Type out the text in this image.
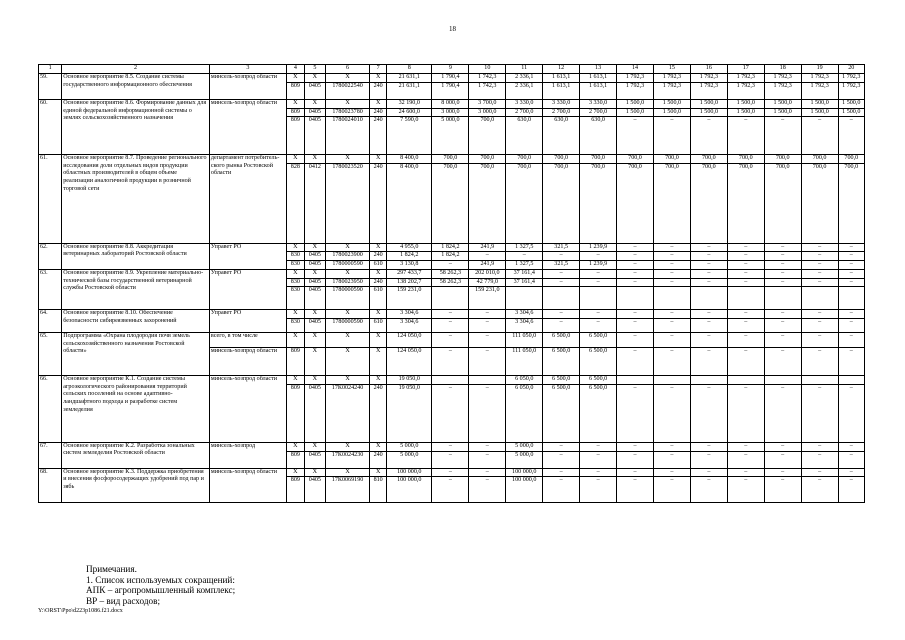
18
1	2	3	4	5	6	7	8	9	10	11	12	13	14	15	16	17	18	19	20
59.	Основное мероприятие 8.5. Создание системы государственного информационного обеспечения	минсель-хозпрод области	X	X	X	X	21 631,1	1 790,4	1 742,3	2 336,1	1 613,1	1 613,1	1 792,3	1 792,3	1 792,3	1 792,3	1 792,3	1 792,3	1 792,3
			809	0405	1780022540	240	21 631,1	1 790,4	1 742,3	2 336,1	1 613,1	1 613,1	1 792,3	1 792,3	1 792,3	1 792,3	1 792,3	1 792,3	1 792,3
60.	Основное мероприятие 8.6. Формирование данных для единой федеральной информационной системы о землях сельскохозяйственного назначения	минсель-хозпрод области	X	X	X	X	32 190,0	8 000,0	3 700,0	3 330,0	3 330,0	3 330,0	1 500,0	1 500,0	1 500,0	1 500,0	1 500,0	1 500,0	1 500,0
			809	0405	1780023780	240	24 600,0	3 000,0	3 000,0	2 700,0	2 700,0	2 700,0	1 500,0	1 500,0	1 500,0	1 500,0	1 500,0	1 500,0	1 500,0
			809	0405	1780024010	240	7 590,0	5 000,0	700,0	630,0	630,0	630,0	–	–	–	–	–	–	–
61.	Основное мероприятие 8.7. Проведение регионального исследования доли отдельных видов продукции областных производителей в общем объеме реализации аналогичной продукции в розничной торговой сети	департамент потребитель-ского рынка Ростовской области	X	X	X	X	8 400,0	700,0	700,0	700,0	700,0	700,0	700,0	700,0	700,0	700,0	700,0	700,0	700,0
			828	0412	1780023520	240	8 400,0	700,0	700,0	700,0	700,0	700,0	700,0	700,0	700,0	700,0	700,0	700,0	700,0
62.	Основное мероприятие 8.8. Аккредитация ветеринарных лабораторий Ростовской области	Управет РО	X	X	X	X	4 955,0	1 824,2	241,9	1 327,5	321,5	1 239,9	–	–	–	–	–	–	–
			830	0405	1780023900	240	1 824,2	1 824,2	–	–	–	–	–	–	–	–	–	–	–
			830	0405	1780000590	610	3 130,8	–	241,9	1 327,5	321,5	1 239,9	–	–	–	–	–	–	–
63.	Основное мероприятие 8.9. Укрепление материально-технической базы государственной ветеринарной службы Ростовской области	Управет РО	X	X	X	X	297 433,7	58 262,3	202 010,0	37 161,4	–	–	–	–	–	–	–	–	–
			830	0405	1780023950	240	138 202,7	58 262,3	42 779,0	37 161,4	–	–	–	–	–	–	–	–	–
			830	0405	1780000590	610	159 231,0		159 231,0										
64.	Основное мероприятие 8.10. Обеспечение безопасности сибиреязвенных захоронений	Управет РО	X	X	X	X	3 304,6	–	–	3 304,6	–	–	–	–	–	–	–	–	–
			830	0405	1780000590	610	3 304,6	–	–	3 304,6	–	–	–	–	–	–	–	–	–
65.	Подпрограмма «Охрана плодородия почв земель сельскохозяйственного назначения Ростовской области»	всего, в том числе	X	X	X	X	124 050,0	–	–	111 050,0	6 500,0	6 500,0	–	–	–	–	–	–	–
		минсель-хозпрод области	809	X	X	X	124 050,0	–	–	111 050,0	6 500,0	6 500,0	–	–	–	–	–	–	–
66.	Основное мероприятие К.1. Создание системы агроэкологического районирования территорий сельских поселений на основе адаптивно-ландшафтного подхода и разработке систем земледелия	минсель-хозпрод области	X	X	X	X	19 050,0			6 050,0	6 500,0	6 500,0							
			809	0405	17К0024240	240	19 050,0	–	–	6 050,0	6 500,0	6 500,0	–	–	–	–	–	–	–
67.	Основное мероприятие К.2. Разработка зональных систем земледелия Ростовской области	минсель-хозпрод	X	X	X	X	5 000,0	–	–	5 000,0	–	–	–	–	–	–	–	–	–
			809	0405	17К0024230	240	5 000,0	–	–	5 000,0	–	–	–	–	–	–	–	–	–
68.	Основное мероприятие К.3. Поддержка приобретения и внесения фосфоросодержащих удобрений под пар и зябь	минсель-хозпрод области	X	X	X	X	100 000,0	–	–	100 000,0	–	–	–	–	–	–	–	–	–
			809	0405	17К0069190	810	100 000,0	–	–	100 000,0	–	–	–	–	–	–	–	–	–
Примечания.
1. Список используемых сокращений:
АПК – агропромышленный комплекс;
ВР – вид расходов;
Y:\ORST\Ppo\d223p1086.f21.docx
